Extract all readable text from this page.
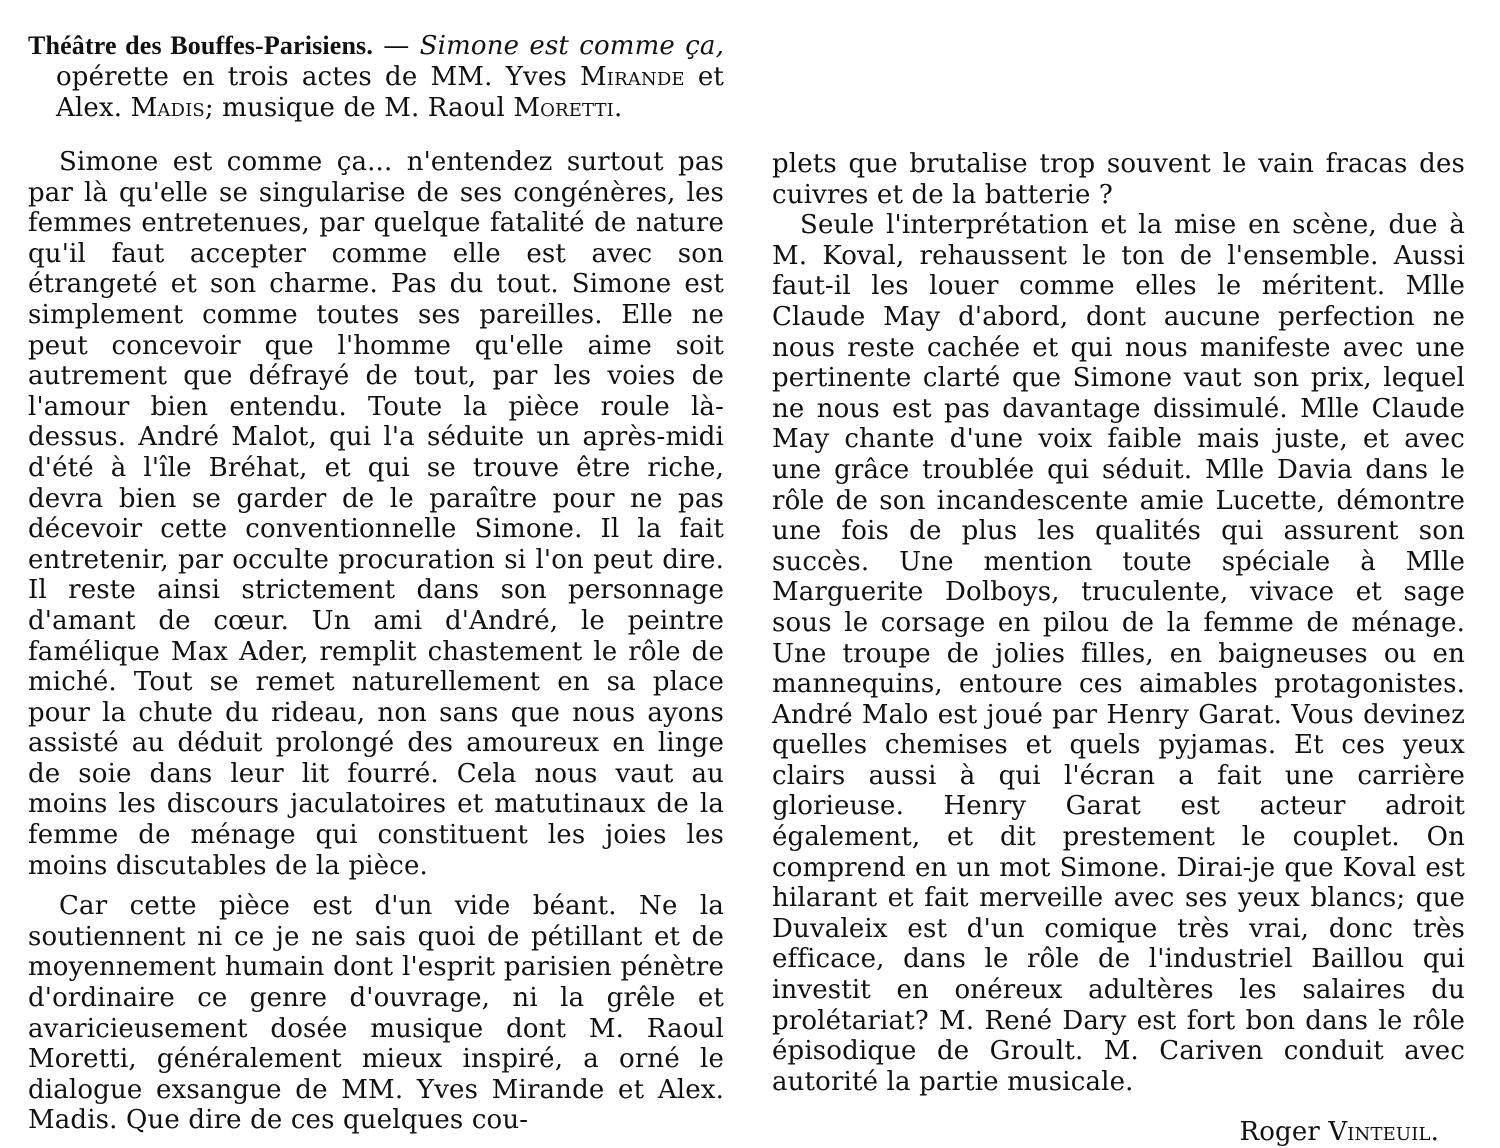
Théâtre des Bouffes-Parisiens. — Simone est comme ça, opérette en trois actes de MM. Yves Mirande et Alex. Madis; musique de M. Raoul Moretti.

Simone est comme ça... n'entendez surtout pas par là qu'elle se singularise de ses congénères, les femmes entretenues, par quelque fatalité de nature qu'il faut accepter comme elle est avec son étrangeté et son charme. Pas du tout. Simone est simplement comme toutes ses pareilles. Elle ne peut concevoir que l'homme qu'elle aime soit autrement que défrayé de tout, par les voies de l'amour bien entendu. Toute la pièce roule là-dessus. André Malot, qui l'a séduite un après-midi d'été à l'île Bréhat, et qui se trouve être riche, devra bien se garder de le paraître pour ne pas décevoir cette conventionnelle Simone. Il la fait entretenir, par occulte procuration si l'on peut dire. Il reste ainsi strictement dans son personnage d'amant de cœur. Un ami d'André, le peintre famélique Max Ader, remplit chastement le rôle de miché. Tout se remet naturellement en sa place pour la chute du rideau, non sans que nous ayons assisté au déduit prolongé des amoureux en linge de soie dans leur lit fourré. Cela nous vaut au moins les discours jaculatoires et matutinaux de la femme de ménage qui constituent les joies les moins discutables de la pièce.

Car cette pièce est d'un vide béant. Ne la soutiennent ni ce je ne sais quoi de pétillant et de moyennement humain dont l'esprit parisien pénètre d'ordinaire ce genre d'ouvrage, ni la grêle et avaricieusement dosée musique dont M. Raoul Moretti, généralement mieux inspiré, a orné le dialogue exsangue de MM. Yves Mirande et Alex. Madis. Que dire de ces quelques cou-

plets que brutalise trop souvent le vain fracas des cuivres et de la batterie ?

Seule l'interprétation et la mise en scène, due à M. Koval, rehaussent le ton de l'ensemble. Aussi faut-il les louer comme elles le méritent. Mlle Claude May d'abord, dont aucune perfection ne nous reste cachée et qui nous manifeste avec une pertinente clarté que Simone vaut son prix, lequel ne nous est pas davantage dissimulé. Mlle Claude May chante d'une voix faible mais juste, et avec une grâce troublée qui séduit. Mlle Davia dans le rôle de son incandescente amie Lucette, démontre une fois de plus les qualités qui assurent son succès. Une mention toute spéciale à Mlle Marguerite Dolboys, truculente, vivace et sage sous le corsage en pilou de la femme de ménage. Une troupe de jolies filles, en baigneuses ou en mannequins, entoure ces aimables protagonistes. André Malo est joué par Henry Garat. Vous devinez quelles chemises et quels pyjamas. Et ces yeux clairs aussi à qui l'écran a fait une carrière glorieuse. Henry Garat est acteur adroit également, et dit prestement le couplet. On comprend en un mot Simone. Dirai-je que Koval est hilarant et fait merveille avec ses yeux blancs; que Duvaleix est d'un comique très vrai, donc très efficace, dans le rôle de l'industriel Baillou qui investit en onéreux adultères les salaires du prolétariat? M. René Dary est fort bon dans le rôle épisodique de Groult. M. Cariven conduit avec autorité la partie musicale.

Roger Vinteuil.
